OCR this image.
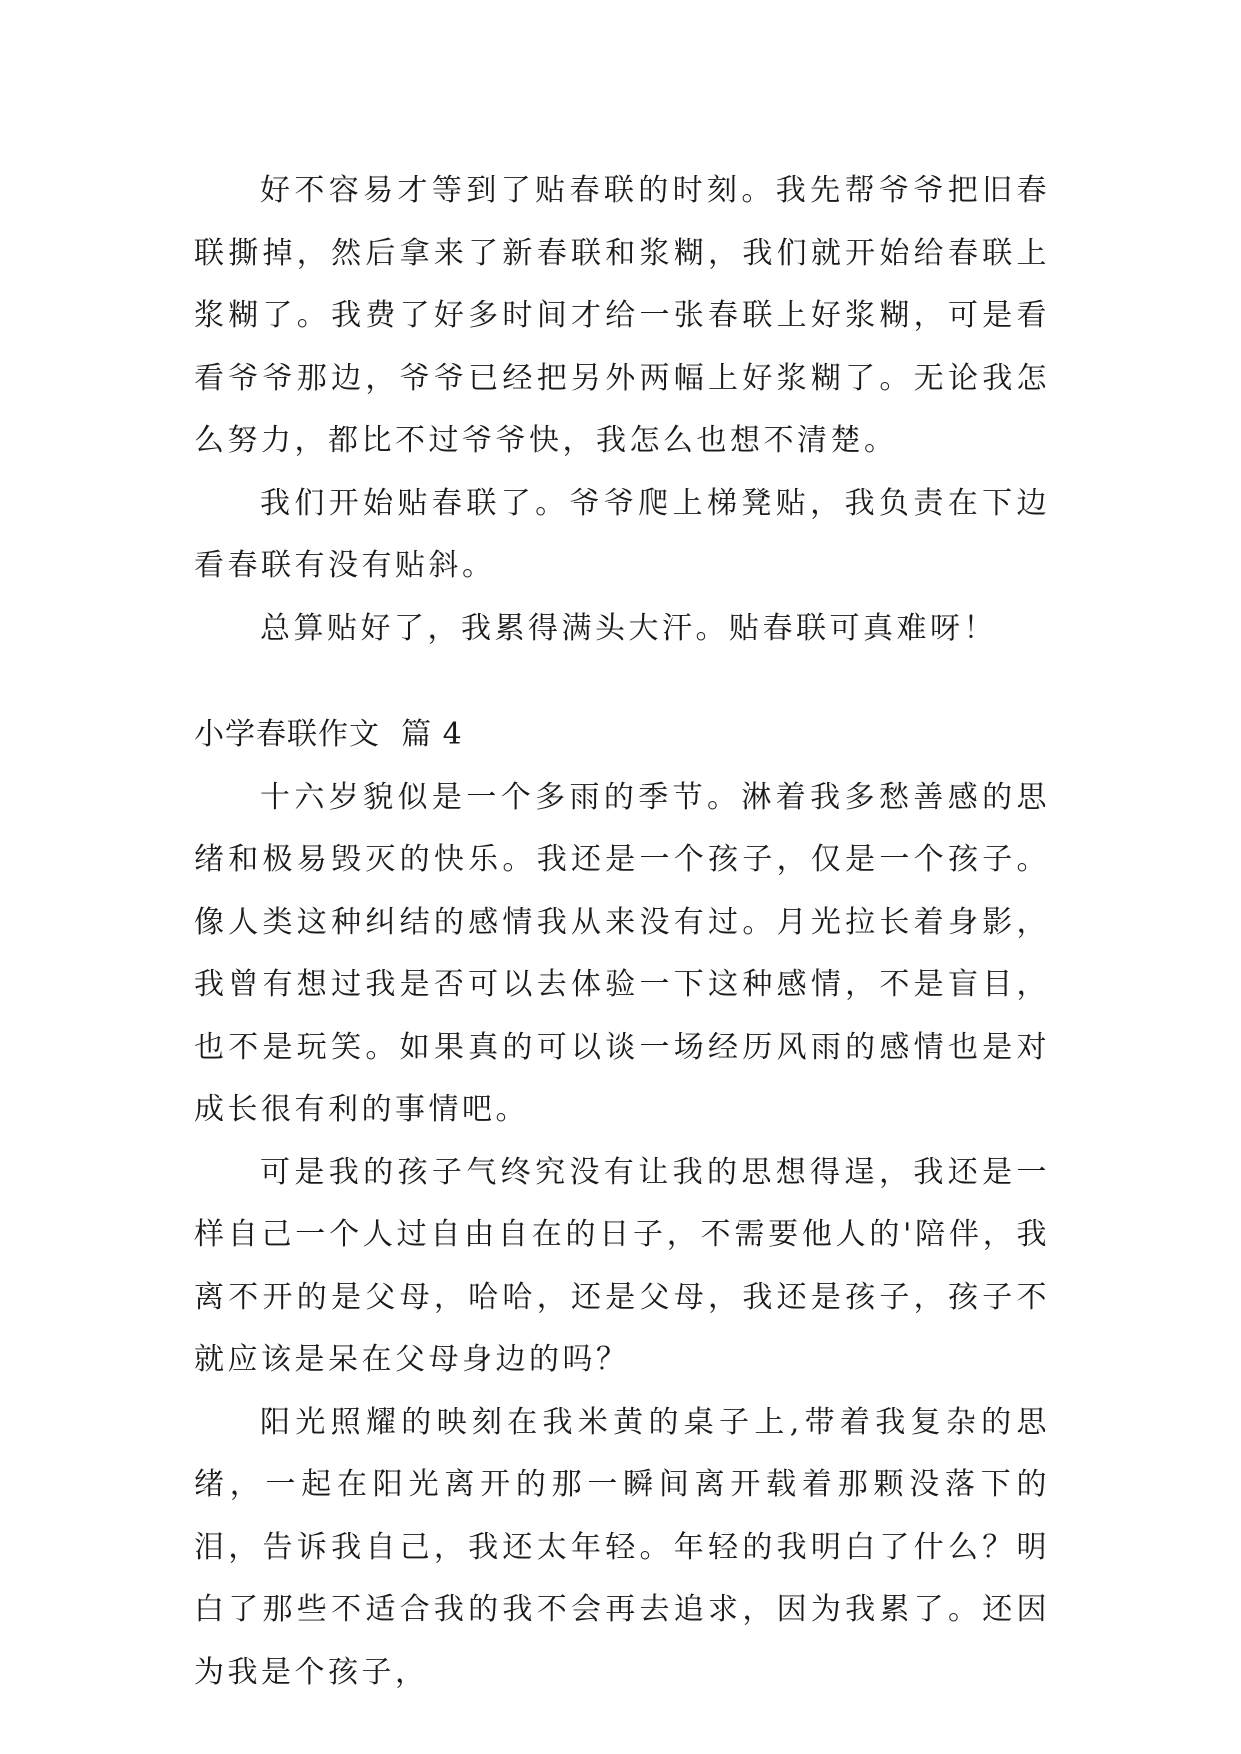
好不容易才等到了贴春联的时刻。我先帮爷爷把旧春联撕掉，然后拿来了新春联和浆糊，我们就开始给春联上浆糊了。我费了好多时间才给一张春联上好浆糊，可是看看爷爷那边，爷爷已经把另外两幅上好浆糊了。无论我怎么努力，都比不过爷爷快，我怎么也想不清楚。

我们开始贴春联了。爷爷爬上梯凳贴，我负责在下边看春联有没有贴斜。

总算贴好了，我累得满头大汗。贴春联可真难呀！

小学春联作文  篇 4

十六岁貌似是一个多雨的季节。淋着我多愁善感的思绪和极易毁灭的快乐。我还是一个孩子，仅是一个孩子。像人类这种纠结的感情我从来没有过。月光拉长着身影，我曾有想过我是否可以去体验一下这种感情，不是盲目，也不是玩笑。如果真的可以谈一场经历风雨的感情也是对成长很有利的事情吧。

可是我的孩子气终究没有让我的思想得逞，我还是一样自己一个人过自由自在的日子，不需要他人的'陪伴，我离不开的是父母，哈哈，还是父母，我还是孩子，孩子不就应该是呆在父母身边的吗？

阳光照耀的映刻在我米黄的桌子上,带着我复杂的思绪，一起在阳光离开的那一瞬间离开载着那颗没落下的泪，告诉我自己，我还太年轻。年轻的我明白了什么？明白了那些不适合我的我不会再去追求，因为我累了。还因为我是个孩子，
